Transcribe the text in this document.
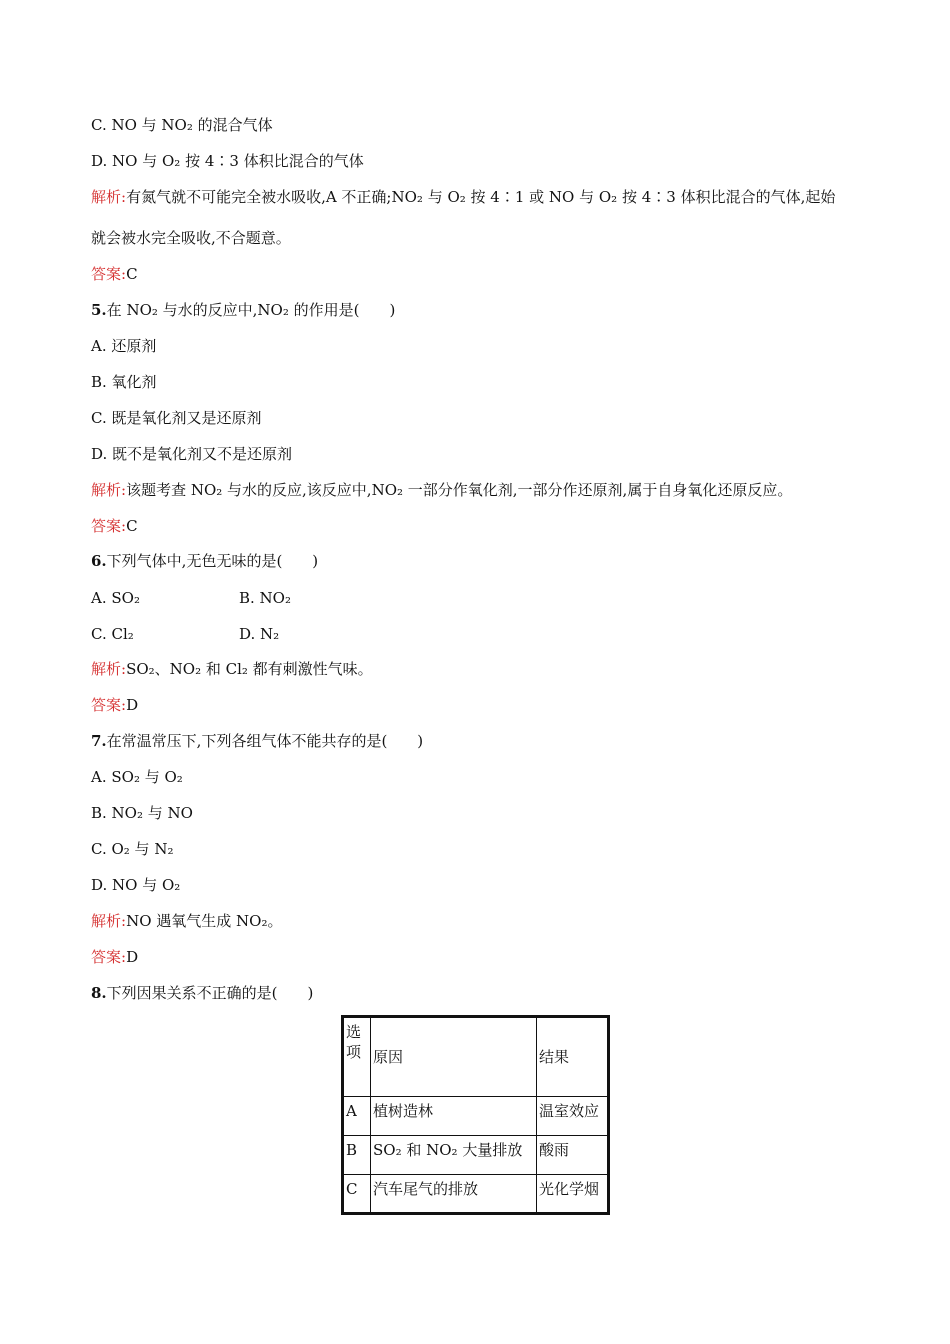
C. NO 与 NO₂ 的混合气体
D. NO 与 O₂ 按 4∶3 体积比混合的气体
解析:有氮气就不可能完全被水吸收,A 不正确;NO₂ 与 O₂ 按 4∶1 或 NO 与 O₂ 按 4∶3 体积比混合的气体,起始
就会被水完全吸收,不合题意。
答案:C
5.在 NO₂ 与水的反应中,NO₂ 的作用是(　　)
A. 还原剂
B. 氧化剂
C. 既是氧化剂又是还原剂
D. 既不是氧化剂又不是还原剂
解析:该题考查 NO₂ 与水的反应,该反应中,NO₂ 一部分作氧化剂,一部分作还原剂,属于自身氧化还原反应。
答案:C
6.下列气体中,无色无味的是(　　)
A. SO₂	B. NO₂
C. Cl₂	D. N₂
解析:SO₂、NO₂ 和 Cl₂ 都有刺激性气味。
答案:D
7.在常温常压下,下列各组气体不能共存的是(　　)
A. SO₂ 与 O₂
B. NO₂ 与 NO
C. O₂ 与 N₂
D. NO 与 O₂
解析:NO 遇氧气生成 NO₂。
答案:D
8.下列因果关系不正确的是(　　)
选项	原因	结果
A	植树造林	温室效应
B	SO₂ 和 NO₂ 大量排放	酸雨
C	汽车尾气的排放	光化学烟
